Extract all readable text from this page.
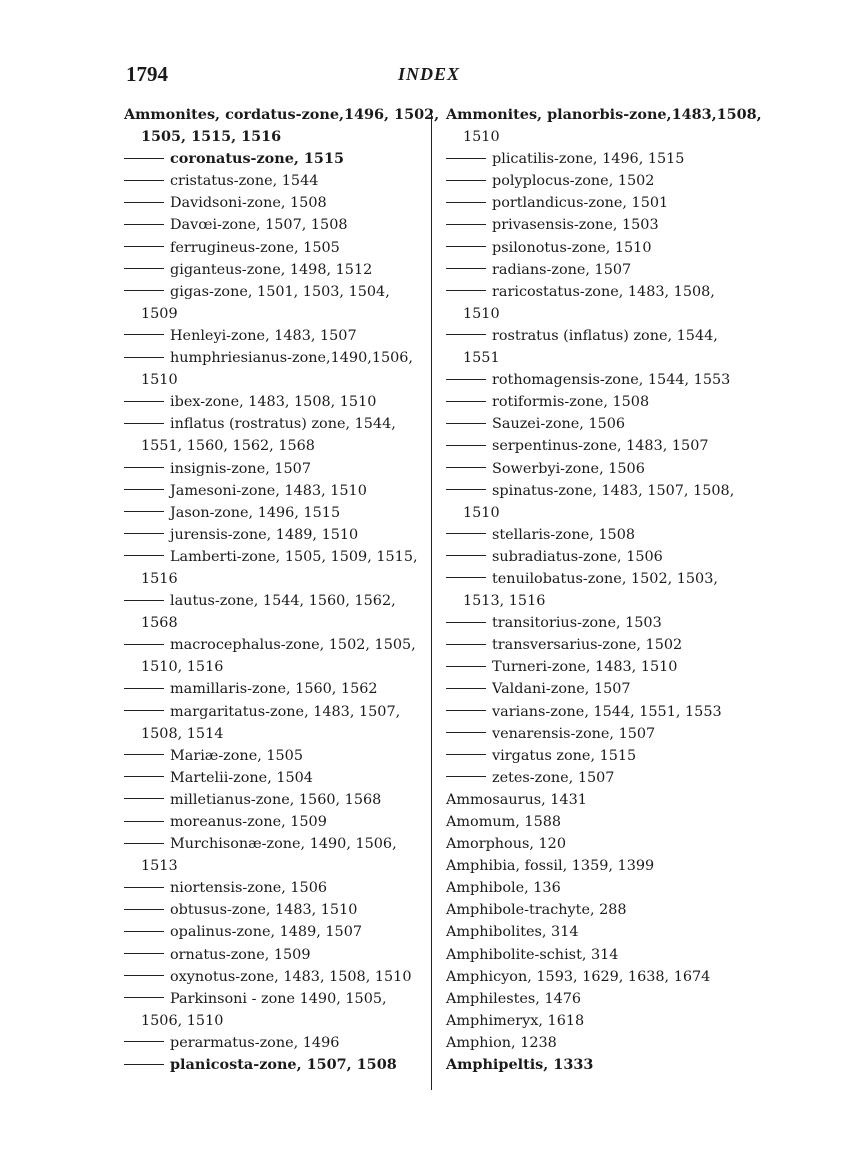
1794	INDEX
Ammonites, cordatus-zone,1496, 1502,
1505, 1515, 1516
coronatus-zone, 1515
cristatus-zone, 1544
Davidsoni-zone, 1508
Davœi-zone, 1507, 1508
ferrugineus-zone, 1505
giganteus-zone, 1498, 1512
gigas-zone, 1501, 1503, 1504,
1509
Henleyi-zone, 1483, 1507
humphriesianus-zone,1490,1506,
1510
ibex-zone, 1483, 1508, 1510
inflatus (rostratus) zone, 1544,
1551, 1560, 1562, 1568
insignis-zone, 1507
Jamesoni-zone, 1483, 1510
Jason-zone, 1496, 1515
jurensis-zone, 1489, 1510
Lamberti-zone, 1505, 1509, 1515,
1516
lautus-zone, 1544, 1560, 1562,
1568
macrocephalus-zone, 1502, 1505,
1510, 1516
mamillaris-zone, 1560, 1562
margaritatus-zone, 1483, 1507,
1508, 1514
Mariæ-zone, 1505
Martelii-zone, 1504
milletianus-zone, 1560, 1568
moreanus-zone, 1509
Murchisonæ-zone, 1490, 1506,
1513
niortensis-zone, 1506
obtusus-zone, 1483, 1510
opalinus-zone, 1489, 1507
ornatus-zone, 1509
oxynotus-zone, 1483, 1508, 1510
Parkinsoni - zone 1490, 1505,
1506, 1510
perarmatus-zone, 1496
planicosta-zone, 1507, 1508
Ammonites, planorbis-zone,1483,1508,
1510
plicatilis-zone, 1496, 1515
polyplocus-zone, 1502
portlandicus-zone, 1501
privasensis-zone, 1503
psilonotus-zone, 1510
radians-zone, 1507
raricostatus-zone, 1483, 1508,
1510
rostratus (inflatus) zone, 1544,
1551
rothomagensis-zone, 1544, 1553
rotiformis-zone, 1508
Sauzei-zone, 1506
serpentinus-zone, 1483, 1507
Sowerbyi-zone, 1506
spinatus-zone, 1483, 1507, 1508,
1510
stellaris-zone, 1508
subradiatus-zone, 1506
tenuilobatus-zone, 1502, 1503,
1513, 1516
transitorius-zone, 1503
transversarius-zone, 1502
Turneri-zone, 1483, 1510
Valdani-zone, 1507
varians-zone, 1544, 1551, 1553
venarensis-zone, 1507
virgatus zone, 1515
zetes-zone, 1507
Ammosaurus, 1431
Amomum, 1588
Amorphous, 120
Amphibia, fossil, 1359, 1399
Amphibole, 136
Amphibole-trachyte, 288
Amphibolites, 314
Amphibolite-schist, 314
Amphicyon, 1593, 1629, 1638, 1674
Amphilestes, 1476
Amphimeryx, 1618
Amphion, 1238
Amphipeltis, 1333
